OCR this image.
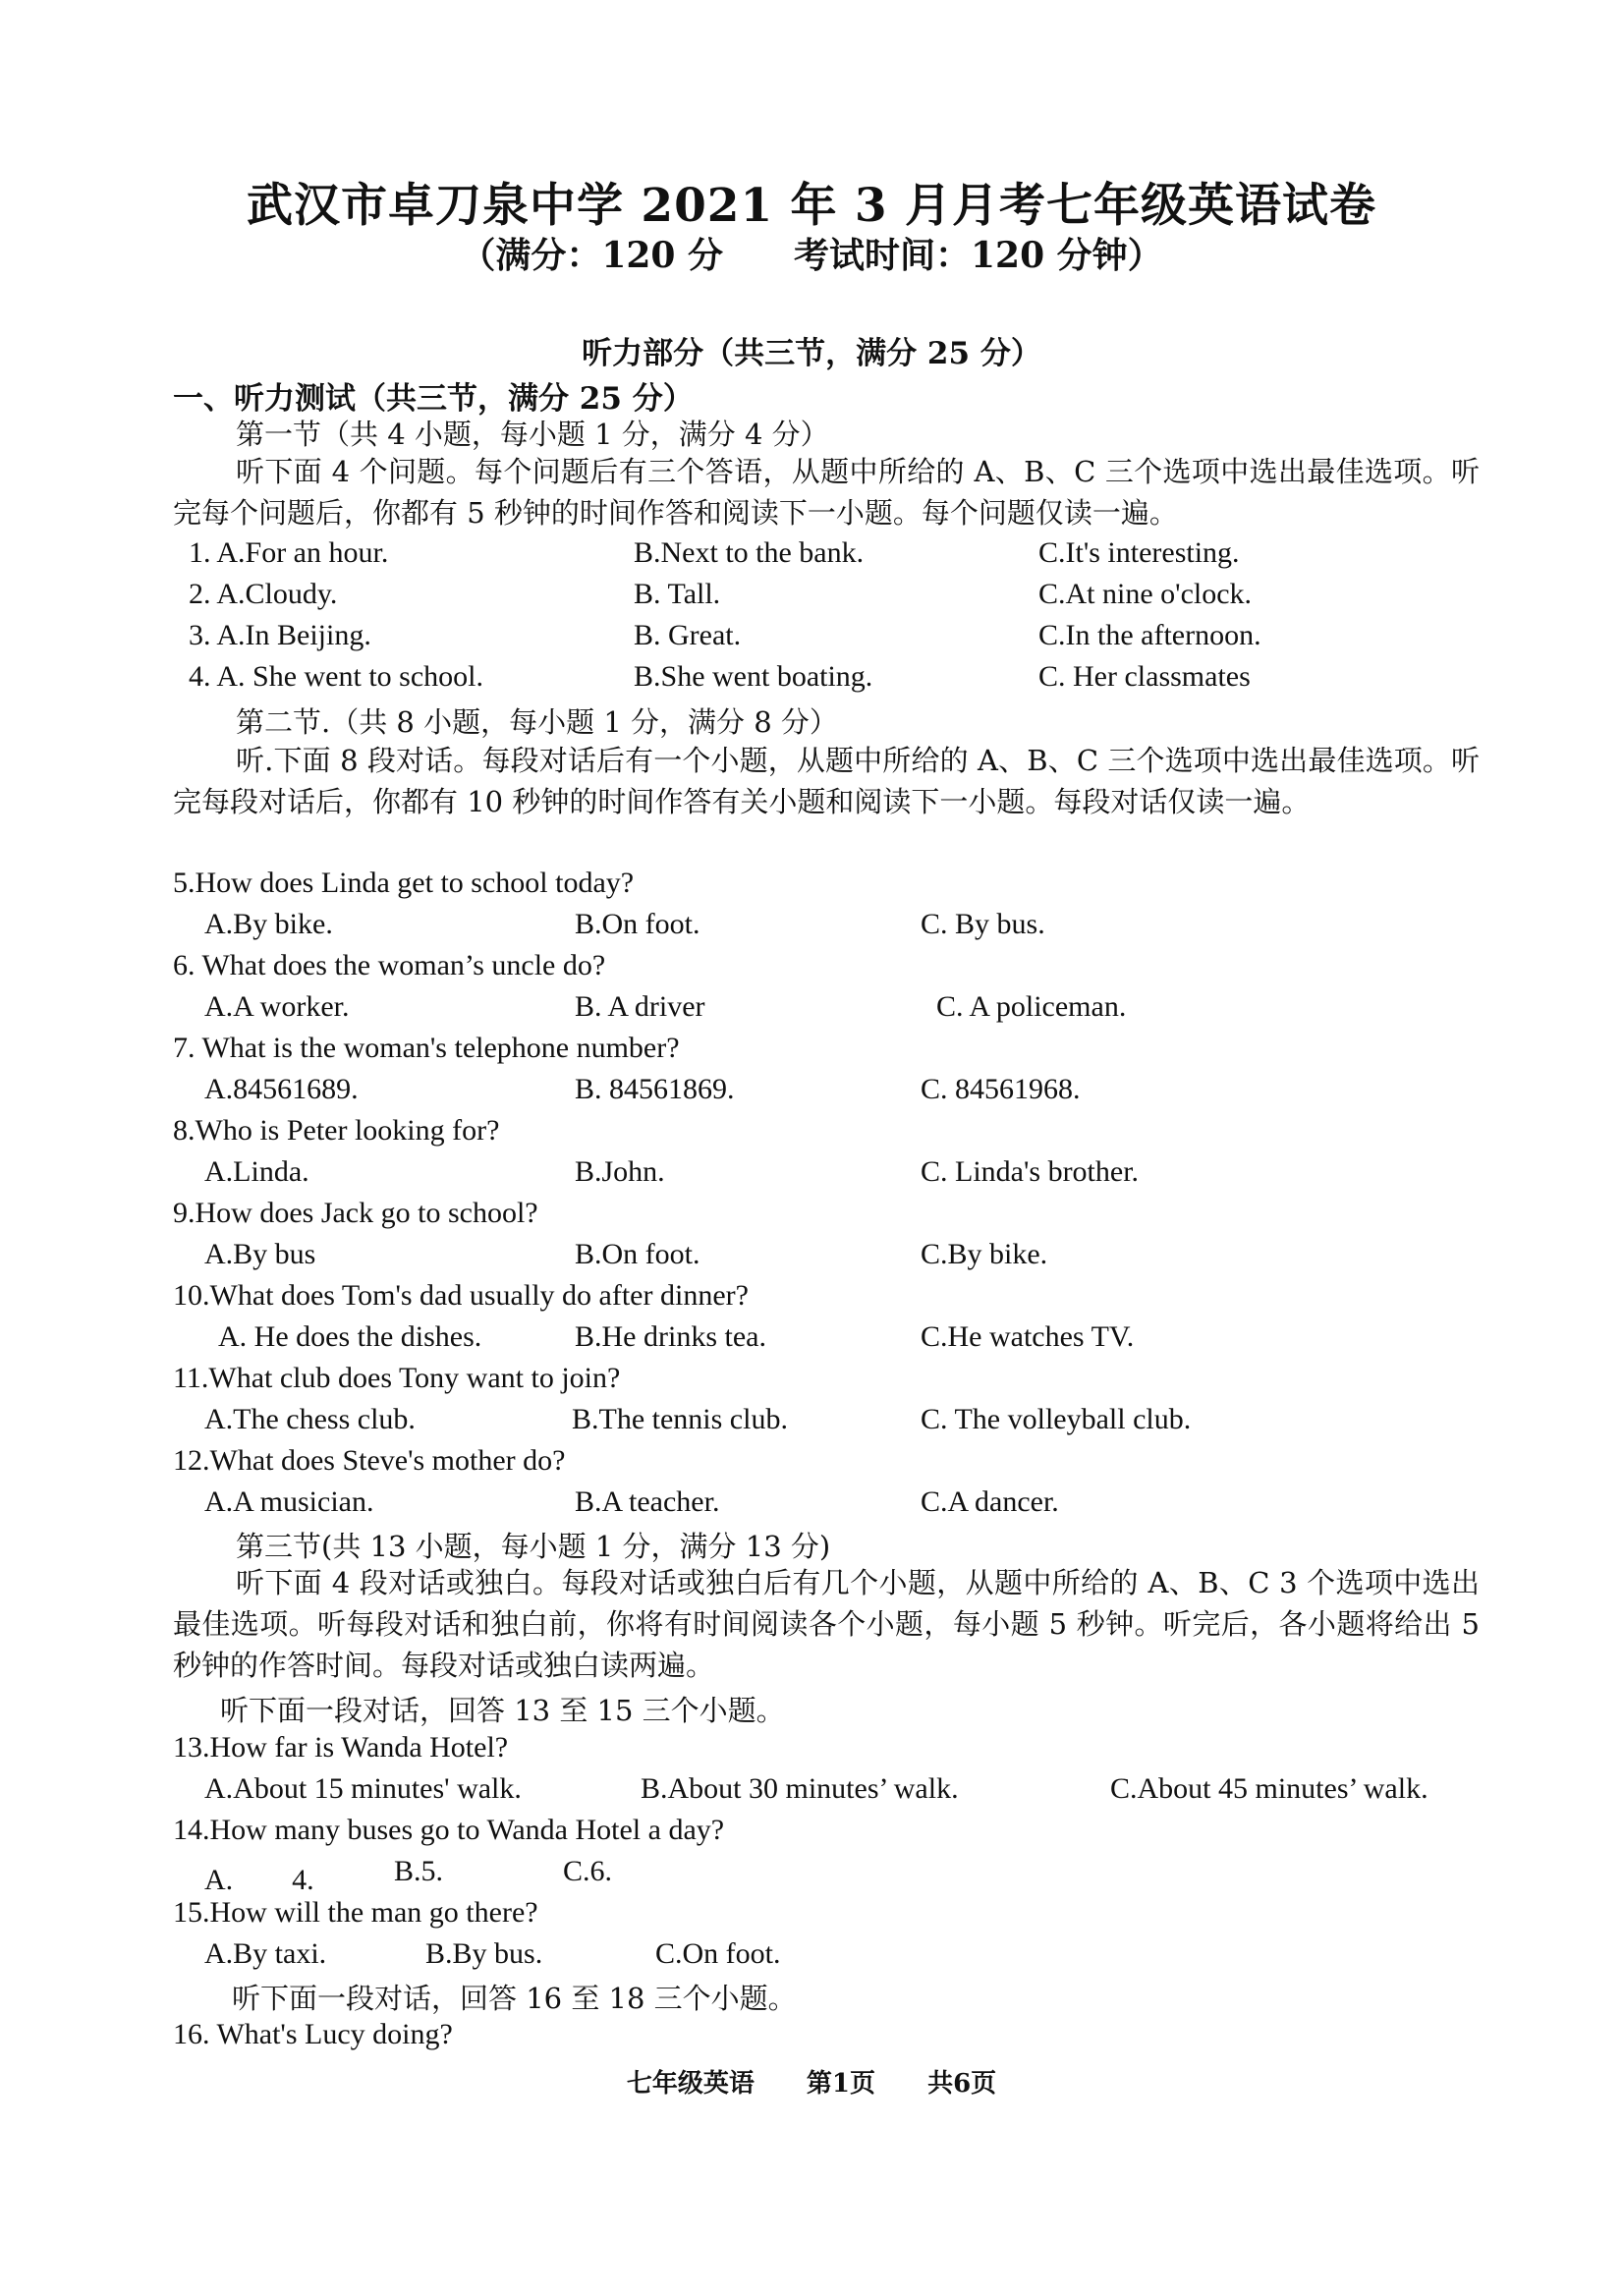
武汉市卓刀泉中学 2021 年 3 月月考七年级英语试卷
（满分：120 分　　考试时间：120 分钟）
听力部分（共三节，满分 25 分）
一、听力测试（共三节，满分 25 分）
第一节（共 4 小题，每小题 1 分，满分 4 分）
听下面 4 个问题。每个问题后有三个答语，从题中所给的 A、B、C 三个选项中选出最佳选项。听完每个问题后，你都有 5 秒钟的时间作答和阅读下一小题。每个问题仅读一遍。
1. A.For an hour.	B.Next to the bank.	C.It's interesting.
2. A.Cloudy.	B. Tall.	C.At nine o'clock.
3. A.In Beijing.	B. Great.	C.In the afternoon.
4. A. She went to school.	B.She went boating.	C. Her classmates
第二节.（共 8 小题，每小题 1 分，满分 8 分）
听.下面 8 段对话。每段对话后有一个小题，从题中所给的 A、B、C 三个选项中选出最佳选项。听完每段对话后，你都有 10 秒钟的时间作答有关小题和阅读下一小题。每段对话仅读一遍。
5.How does Linda get to school today?
A.By bike.	B.On foot.	C. By bus.
6. What does the woman’s uncle do?
A.A worker.	B. A driver	C. A policeman.
7. What is the woman's telephone number?
A.84561689.	B. 84561869.	C. 84561968.
8.Who is Peter looking for?
A.Linda.	B.John.	C. Linda's brother.
9.How does Jack go to school?
A.By bus	B.On foot.	C.By bike.
10.What does Tom's dad usually do after dinner?
A. He does the dishes.	B.He drinks tea.	C.He watches TV.
11.What club does Tony want to join?
A.The chess club.	B.The tennis club.	C. The volleyball club.
12.What does Steve's mother do?
A.A musician.	B.A teacher.	C.A dancer.
第三节(共 13 小题，每小题 1 分，满分 13 分)
听下面 4 段对话或独白。每段对话或独白后有几个小题，从题中所给的 A、B、C 3 个选项中选出最佳选项。听每段对话和独白前，你将有时间阅读各个小题，每小题 5 秒钟。听完后，各小题将给出 5 秒钟的作答时间。每段对话或独白读两遍。
听下面一段对话，回答 13 至 15 三个小题。
13.How far is Wanda Hotel?
A.About 15 minutes' walk.	B.About 30 minutes’ walk.	C.About 45 minutes’ walk.
14.How many buses go to Wanda Hotel a day?
A.　　4.	B.5.	C.6.
15.How will the man go there?
A.By taxi.	B.By bus.	C.On foot.
听下面一段对话，回答 16 至 18 三个小题。
16. What's Lucy doing?
七年级英语 第1页 共6页
